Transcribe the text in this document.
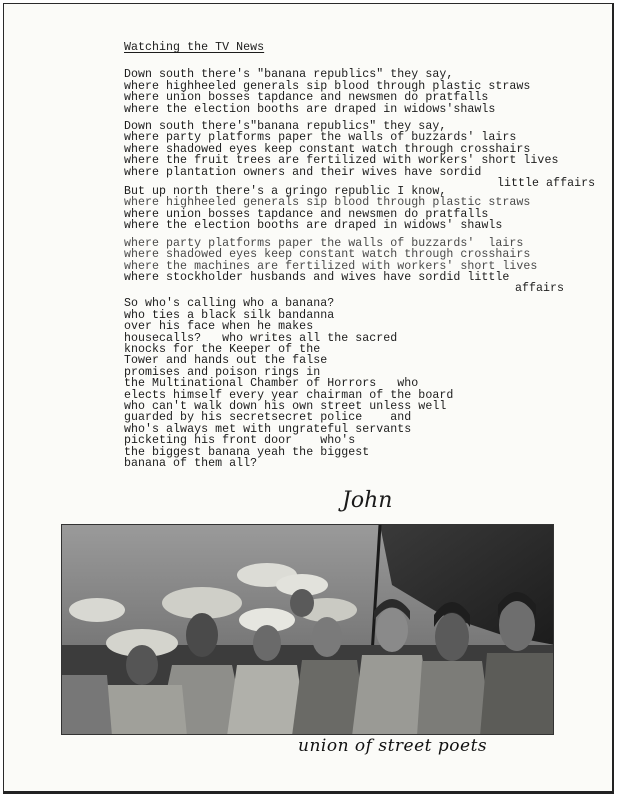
Watching the TV News
Down south there's "banana republics" they say,
where highheeled generals sip blood through plastic straws
where union bosses tapdance and newsmen do pratfalls
where the election booths are draped in widows'shawls
Down south there's"banana republics" they say,
where party platforms paper the walls of buzzards' lairs
where shadowed eyes keep constant watch through crosshairs
where the fruit trees are fertilized with workers' short lives
where plantation owners and their wives have sordid

little affairs

But up north there's a gringo republic I know,
where highheeled generals sip blood through plastic straws
where union bosses tapdance and newsmen do pratfalls
where the election booths are draped in widows' shawls
where party platforms paper the walls of buzzards'  lairs
where shadowed eyes keep constant watch through crosshairs
where the machines are fertilized with workers' short lives
where stockholder husbands and wives have sordid little

affairs

So who's calling who a banana?
who ties a black silk bandanna
over his face when he makes
housecalls?   who writes all the sacred
knocks for the Keeper of the
Tower and hands out the false
promises and poison rings in
the Multinational Chamber of Horrors   who
elects himself every year chairman of the board
who can't walk down his own street unless well
guarded by his secretsecret police    and
who's always met with ungrateful servants
picketing his front door    who's
the biggest banana yeah the biggest
banana of them all?
John
union of street poets
